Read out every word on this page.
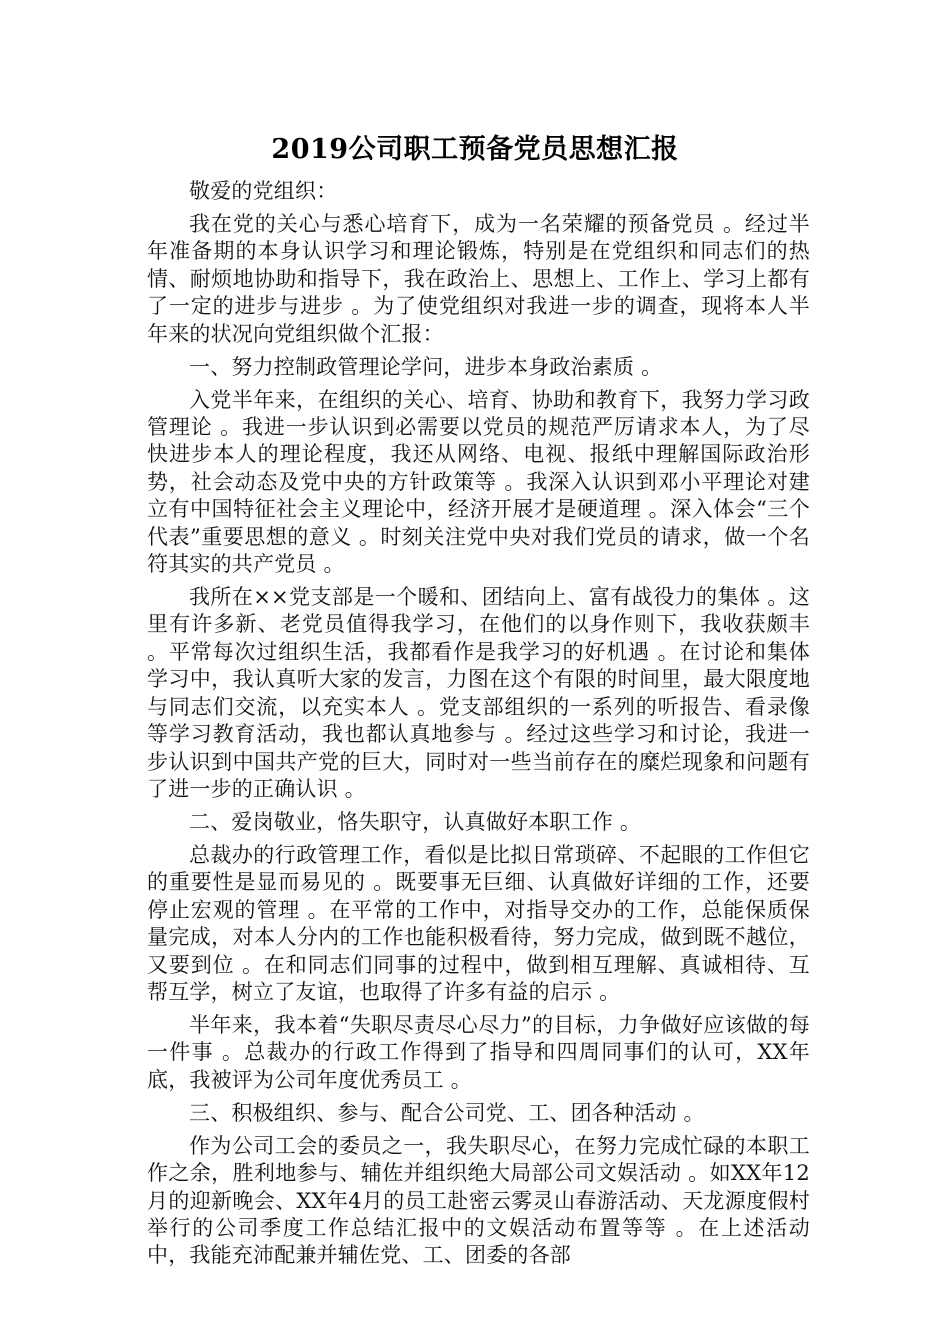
2019公司职工预备党员思想汇报

敬爱的党组织：

我在党的关心与悉心培育下，成为一名荣耀的预备党员 。经过半年准备期的本身认识学习和理论锻炼，特别是在党组织和同志们的热情、耐烦地协助和指导下，我在政治上、思想上、工作上、学习上都有了一定的进步与进步 。为了使党组织对我进一步的调查，现将本人半年来的状况向党组织做个汇报：

一、努力控制政管理论学问，进步本身政治素质 。

入党半年来，在组织的关心、培育、协助和教育下，我努力学习政管理论 。我进一步认识到必需要以党员的规范严厉请求本人，为了尽快进步本人的理论程度，我还从网络、电视、报纸中理解国际政治形势，社会动态及党中央的方针政策等 。我深入认识到邓小平理论对建立有中国特征社会主义理论中，经济开展才是硬道理 。深入体会“三个代表”重要思想的意义 。时刻关注党中央对我们党员的请求，做一个名符其实的共产党员 。

我所在××党支部是一个暖和、团结向上、富有战役力的集体 。这里有许多新、老党员值得我学习，在他们的以身作则下，我收获颇丰 。平常每次过组织生活，我都看作是我学习的好机遇 。在讨论和集体学习中，我认真听大家的发言，力图在这个有限的时间里，最大限度地与同志们交流，以充实本人 。党支部组织的一系列的听报告、看录像等学习教育活动，我也都认真地参与 。经过这些学习和讨论，我进一步认识到中国共产党的巨大，同时对一些当前存在的糜烂现象和问题有了进一步的正确认识 。

二、爱岗敬业，恪失职守，认真做好本职工作 。

总裁办的行政管理工作，看似是比拟日常琐碎、不起眼的工作但它的重要性是显而易见的 。既要事无巨细、认真做好详细的工作，还要停止宏观的管理 。在平常的工作中，对指导交办的工作，总能保质保量完成，对本人分内的工作也能积极看待，努力完成，做到既不越位，又要到位 。在和同志们同事的过程中，做到相互理解、真诚相待、互帮互学，树立了友谊，也取得了许多有益的启示 。

半年来，我本着“失职尽责尽心尽力”的目标，力争做好应该做的每一件事 。总裁办的行政工作得到了指导和四周同事们的认可，XX年底，我被评为公司年度优秀员工 。

三、积极组织、参与、配合公司党、工、团各种活动 。

作为公司工会的委员之一，我失职尽心，在努力完成忙碌的本职工作之余，胜利地参与、辅佐并组织绝大局部公司文娱活动 。如XX年12月的迎新晚会、XX年4月的员工赴密云雾灵山春游活动、天龙源度假村举行的公司季度工作总结汇报中的文娱活动布置等等 。在上述活动中，我能充沛配兼并辅佐党、工、团委的各部
